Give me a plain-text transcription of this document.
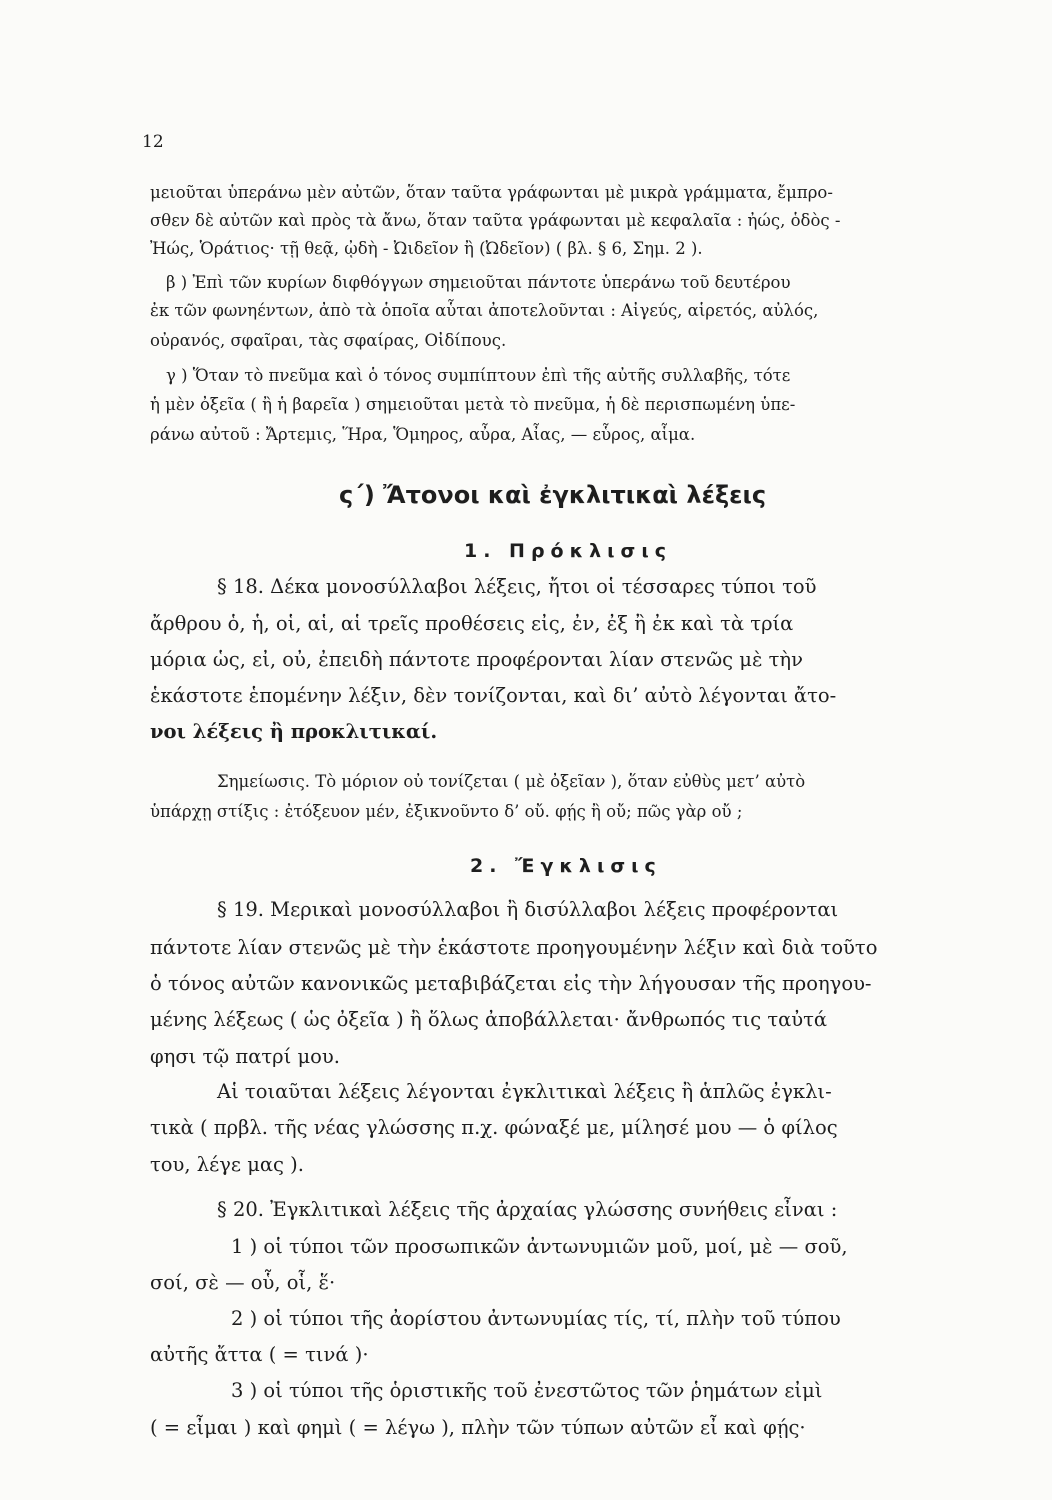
12
μειοῦται ὑπεράνω μὲν αὐτῶν, ὅταν ταῦτα γράφωνται μὲ μικρὰ γράμματα, ἔμπρο-
σθεν δὲ αὐτῶν καὶ πρὸς τὰ ἄνω, ὅταν ταῦτα γράφωνται μὲ κεφαλαῖα : ἠώς, ὁδὸς -
Ἠώς, Ὁράτιος· τῇ θεᾷ, ᾠδὴ - Ὠιδεῖον ἢ (Ὠδεῖον) ( βλ. § 6, Σημ. 2 ).
β ) Ἐπὶ τῶν κυρίων διφθόγγων σημειοῦται πάντοτε ὑπεράνω τοῦ δευτέρου
ἐκ τῶν φωνηέντων, ἀπὸ τὰ ὁποῖα αὗται ἀποτελοῦνται : Αἰγεύς, αἱρετός, αὐλός,
οὐρανός, σφαῖραι, τὰς σφαίρας, Οἰδίπους.
γ ) Ὅταν τὸ πνεῦμα καὶ ὁ τόνος συμπίπτουν ἐπὶ τῆς αὐτῆς συλλαβῆς, τότε
ἡ μὲν ὀξεῖα ( ἢ ἡ βαρεῖα ) σημειοῦται μετὰ τὸ πνεῦμα, ἡ δὲ περισπωμένη ὑπε-
ράνω αὐτοῦ : Ἄρτεμις, Ἥρα, Ὅμηρος, αὖρα, Αἶας, — εὗρος, αἷμα.
ς΄) Ἄτονοι καὶ ἐγκλιτικαὶ λέξεις
1. Πρόκλισις
§ 18. Δέκα μονοσύλλαβοι λέξεις, ἤτοι οἱ τέσσαρες τύποι τοῦ
ἄρθρου ὁ, ἡ, οἱ, αἱ, αἱ τρεῖς προθέσεις εἰς, ἐν, ἐξ ἢ ἐκ καὶ τὰ τρία
μόρια ὡς, εἰ, οὐ, ἐπειδὴ πάντοτε προφέρονται λίαν στενῶς μὲ τὴν
ἑκάστοτε ἑπομένην λέξιν, δὲν τονίζονται, καὶ δι’ αὐτὸ λέγονται ἄτο-
νοι λέξεις ἢ προκλιτικαί.
Σημείωσις. Τὸ μόριον οὐ τονίζεται ( μὲ ὀξεῖαν ), ὅταν εὐθὺς μετ’ αὐτὸ
ὑπάρχῃ στίξις : ἐτόξευον μέν, ἐξικνοῦντο δ’ οὔ. φῄς ἢ οὔ; πῶς γὰρ οὔ ;
2. Ἔγκλισις
§ 19. Μερικαὶ μονοσύλλαβοι ἢ δισύλλαβοι λέξεις προφέρονται
πάντοτε λίαν στενῶς μὲ τὴν ἑκάστοτε προηγουμένην λέξιν καὶ διὰ τοῦτο
ὁ τόνος αὐτῶν κανονικῶς μεταβιβάζεται εἰς τὴν λήγουσαν τῆς προηγου-
μένης λέξεως ( ὡς ὀξεῖα ) ἢ ὅλως ἀποβάλλεται· ἄνθρωπός τις ταὐτά
φησι τῷ πατρί μου.
Αἱ τοιαῦται λέξεις λέγονται ἐγκλιτικαὶ λέξεις ἢ ἁπλῶς ἐγκλι-
τικὰ ( πρβλ. τῆς νέας γλώσσης π.χ. φώναξέ με, μίλησέ μου — ὁ φίλος
του, λέγε μας ).
§ 20. Ἐγκλιτικαὶ λέξεις τῆς ἀρχαίας γλώσσης συνήθεις εἶναι :
1 ) οἱ τύποι τῶν προσωπικῶν ἀντωνυμιῶν μοῦ, μοί, μὲ — σοῦ,
σοί, σὲ — οὗ, οἷ, ἕ·
2 ) οἱ τύποι τῆς ἀορίστου ἀντωνυμίας τίς, τί, πλὴν τοῦ τύπου
αὐτῆς ἄττα ( = τινά )·
3 ) οἱ τύποι τῆς ὁριστικῆς τοῦ ἐνεστῶτος τῶν ῥημάτων εἰμὶ
( = εἶμαι ) καὶ φημὶ ( = λέγω ), πλὴν τῶν τύπων αὐτῶν εἶ καὶ φῄς·
